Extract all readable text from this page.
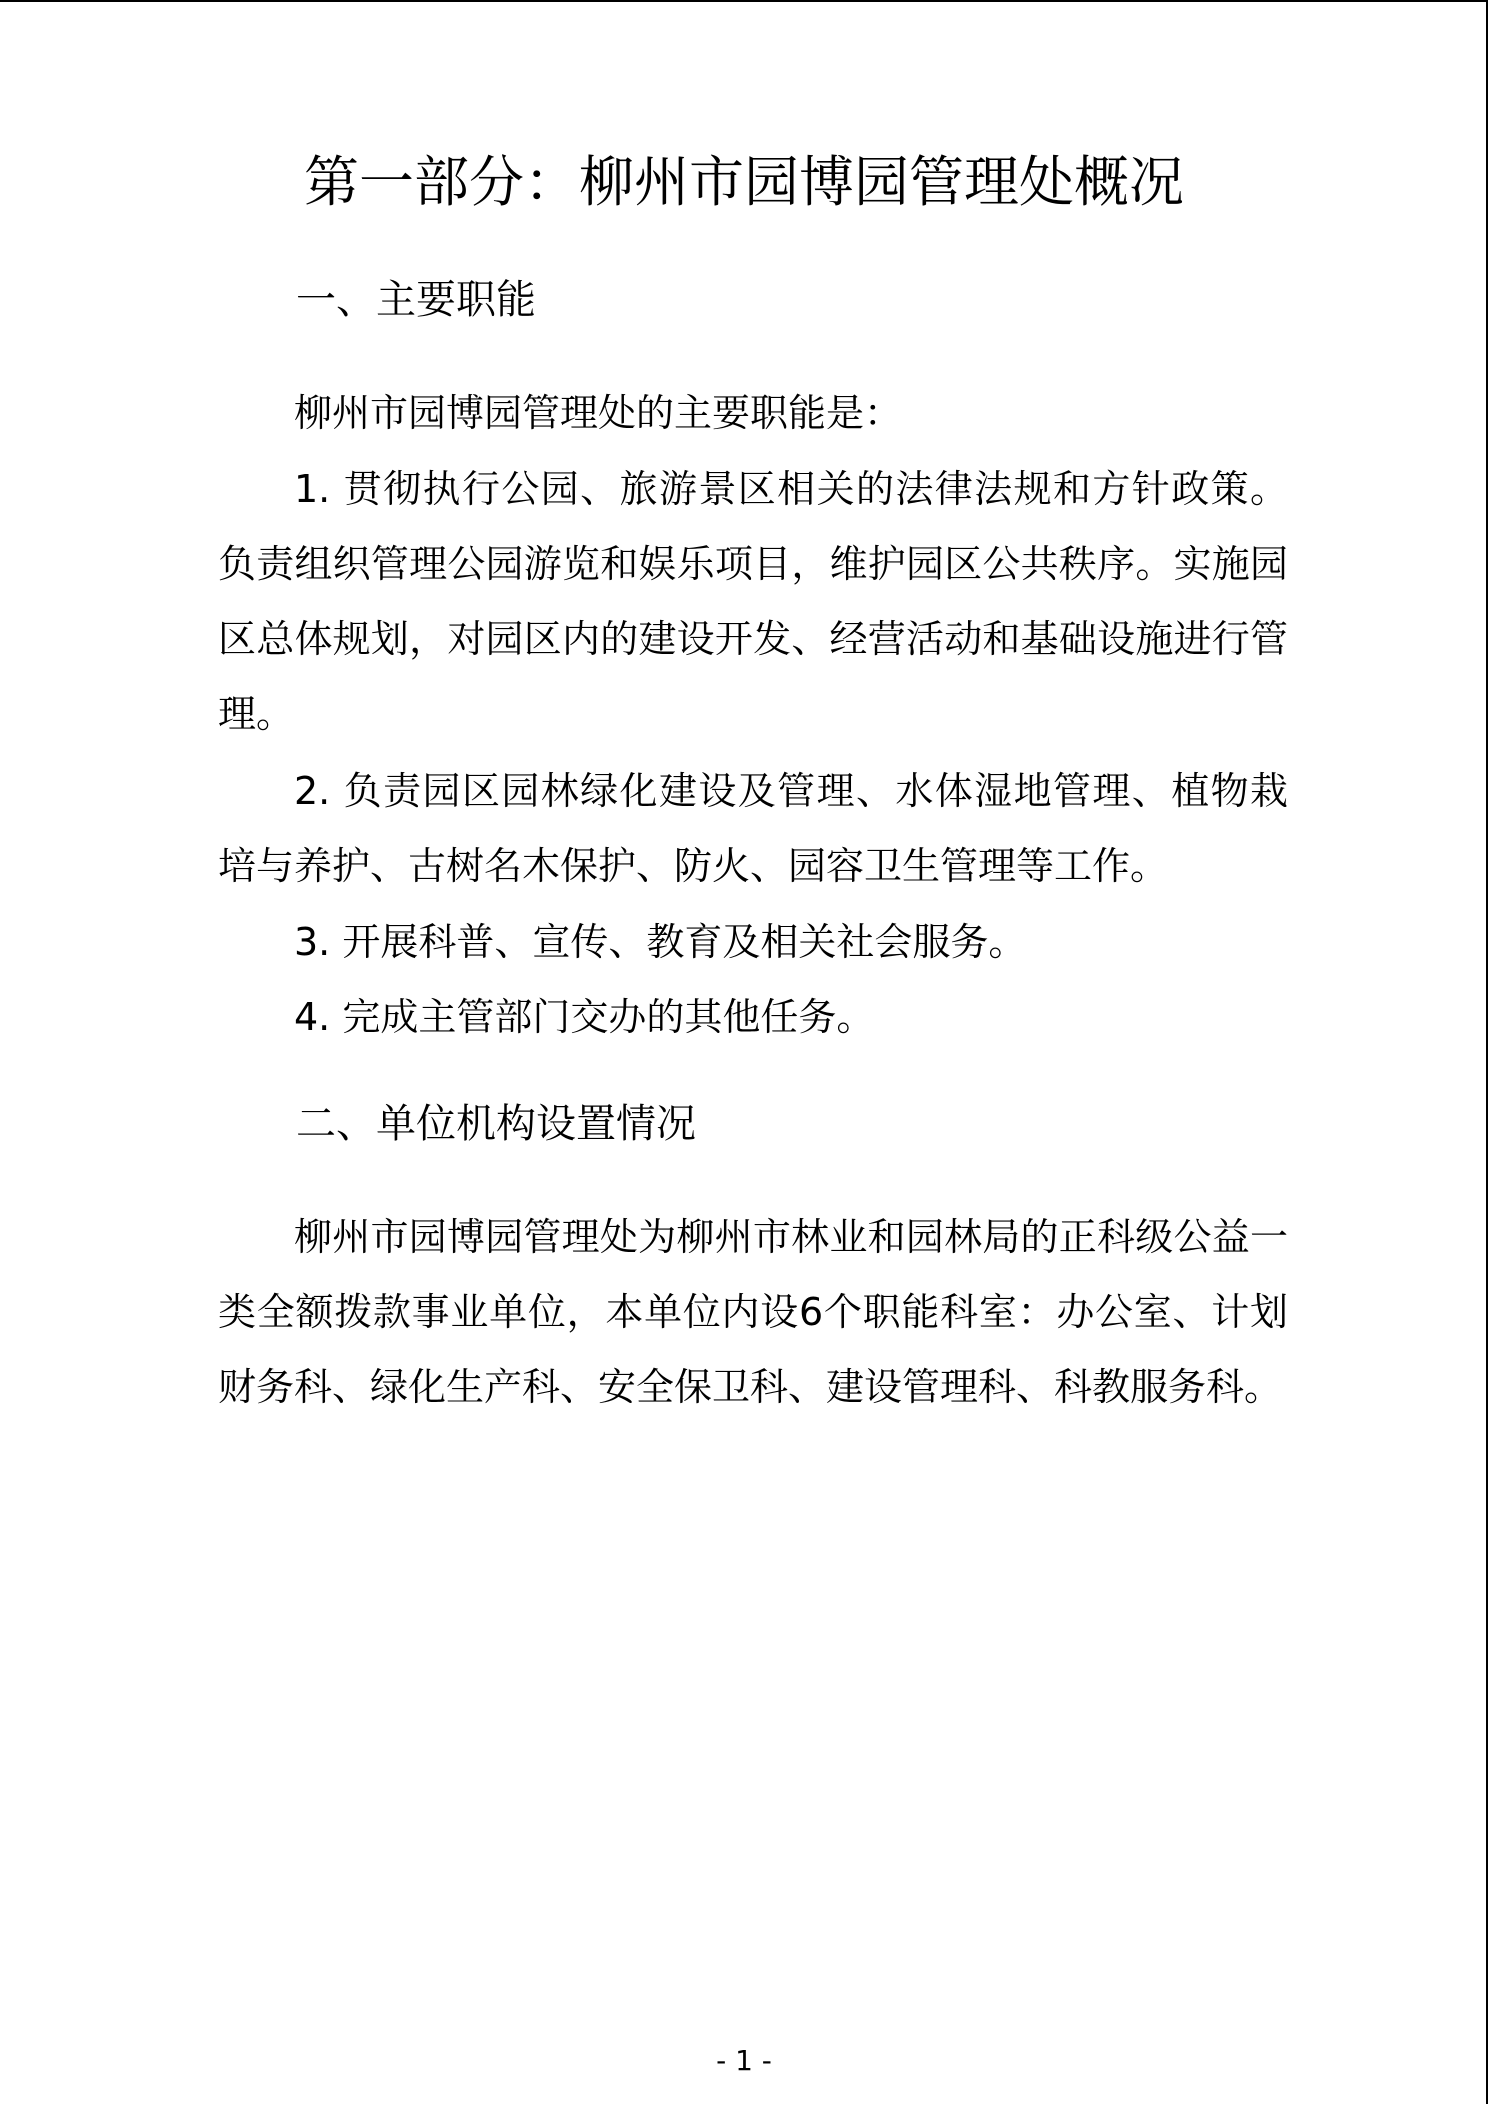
第一部分：柳州市园博园管理处概况
一、主要职能

柳州市园博园管理处的主要职能是：

1. 贯彻执行公园、旅游景区相关的法律法规和方针政策。负责组织管理公园游览和娱乐项目，维护园区公共秩序。实施园区总体规划，对园区内的建设开发、经营活动和基础设施进行管理。

2. 负责园区园林绿化建设及管理、水体湿地管理、植物栽培与养护、古树名木保护、防火、园容卫生管理等工作。

3. 开展科普、宣传、教育及相关社会服务。

4. 完成主管部门交办的其他任务。

二、单位机构设置情况

柳州市园博园管理处为柳州市林业和园林局的正科级公益一类全额拨款事业单位，本单位内设6个职能科室：办公室、计划财务科、绿化生产科、安全保卫科、建设管理科、科教服务科。

- 1 -
